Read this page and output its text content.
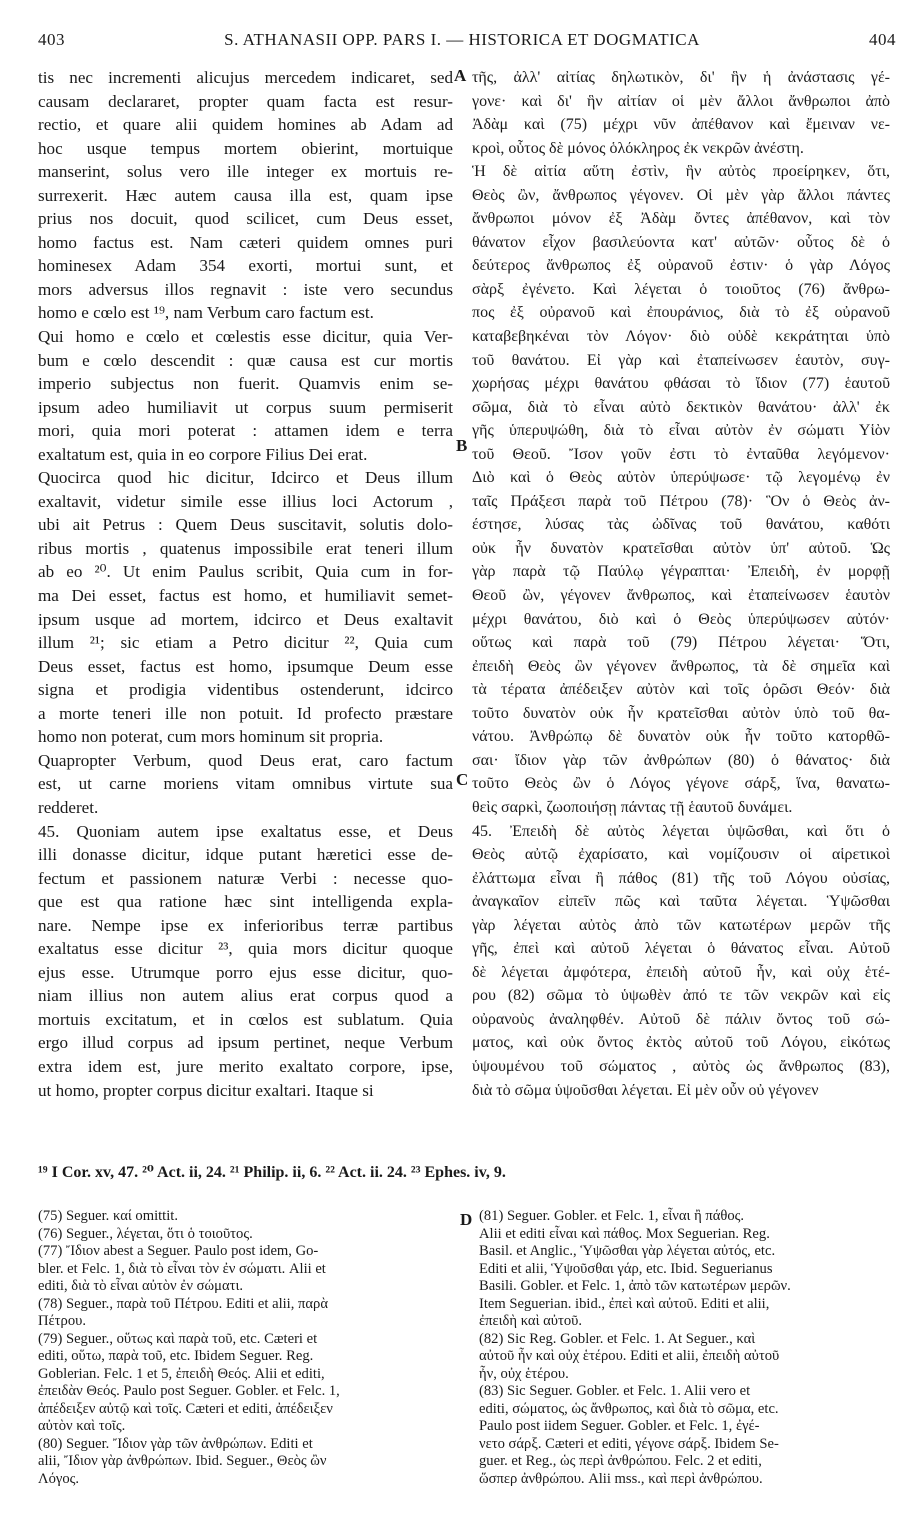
403	S. ATHANASII OPP. PARS I. — HISTORICA ET DOGMATICA	404
tis nec incrementi alicujus mercedem indicaret, sed
causam declararet, propter quam facta est resur-
rectio, et quare alii quidem homines ab Adam ad
hoc usque tempus mortem obierint, mortuique
manserint, solus vero ille integer ex mortuis re-
surrexerit. Hæc autem causa illa est, quam ipse
prius nos docuit, quod scilicet, cum Deus esset,
homo factus est. Nam cæteri quidem omnes puri
hominesex Adam 354 exorti, mortui sunt, et
mors adversus illos regnavit : iste vero secundus
homo e cœlo est ¹⁹, nam Verbum caro factum est.
Qui homo e cœlo et cœlestis esse dicitur, quia Ver-
bum e cœlo descendit : quæ causa est cur mortis
imperio subjectus non fuerit. Quamvis enim se-
ipsum adeo humiliavit ut corpus suum permiserit
mori, quia mori poterat : attamen idem e terra
exaltatum est, quia in eo corpore Filius Dei erat.
Quocirca quod hic dicitur, Idcirco et Deus illum
exaltavit, videtur simile esse illius loci Actorum ,
ubi ait Petrus : Quem Deus suscitavit, solutis dolo-
ribus mortis , quatenus impossibile erat teneri illum
ab eo ²⁰. Ut enim Paulus scribit, Quia cum in for-
ma Dei esset, factus est homo, et humiliavit semet-
ipsum usque ad mortem, idcirco et Deus exaltavit
illum ²¹; sic etiam a Petro dicitur ²², Quia cum
Deus esset, factus est homo, ipsumque Deum esse
signa et prodigia videntibus ostenderunt, idcirco
a morte teneri ille non potuit. Id profecto præstare
homo non poterat, cum mors hominum sit propria.
Quapropter Verbum, quod Deus erat, caro factum
est, ut carne moriens vitam omnibus virtute sua
redderet.
45. Quoniam autem ipse exaltatus esse, et Deus
illi donasse dicitur, idque putant hæretici esse de-
fectum et passionem naturæ Verbi : necesse quo-
que est qua ratione hæc sint intelligenda expla-
nare. Nempe ipse ex inferioribus terræ partibus
exaltatus esse dicitur ²³, quia mors dicitur quoque
ejus esse. Utrumque porro ejus esse dicitur, quo-
niam illius non autem alius erat corpus quod a
mortuis excitatum, et in cœlos est sublatum. Quia
ergo illud corpus ad ipsum pertinet, neque Verbum
extra idem est, jure merito exaltato corpore, ipse,
ut homo, propter corpus dicitur exaltari. Itaque si
τῆς, ἀλλ' αἰτίας δηλωτικὸν, δι' ἣν ἡ ἀνάστασις γέ-
γονε· καὶ δι' ἣν αἰτίαν οἱ μὲν ἄλλοι ἄνθρωποι ἀπὸ
Ἀδὰμ καὶ (75) μέχρι νῦν ἀπέθανον καὶ ἔμειναν νε-
κροὶ, οὗτος δὲ μόνος ὁλόκληρος ἐκ νεκρῶν ἀνέστη.
Ἡ δὲ αἰτία αὕτη ἐστὶν, ἣν αὐτὸς προείρηκεν, ὅτι,
Θεὸς ὢν, ἄνθρωπος γέγονεν. Οἱ μὲν γὰρ ἄλλοι πάντες
ἄνθρωποι μόνον ἐξ Ἀδὰμ ὄντες ἀπέθανον, καὶ τὸν
θάνατον εἶχον βασιλεύοντα κατ' αὐτῶν· οὗτος δὲ ὁ
δεύτερος ἄνθρωπος ἐξ οὐρανοῦ ἐστιν· ὁ γὰρ Λόγος
σὰρξ ἐγένετο. Καὶ λέγεται ὁ τοιοῦτος (76) ἄνθρω-
πος ἐξ οὐρανοῦ καὶ ἐπουράνιος, διὰ τὸ ἐξ οὐρανοῦ
καταβεβηκέναι τὸν Λόγον· διὸ οὐδὲ κεκράτηται ὑπὸ
τοῦ θανάτου. Εἰ γὰρ καὶ ἐταπείνωσεν ἑαυτὸν, συγ-
χωρήσας μέχρι θανάτου φθάσαι τὸ ἴδιον (77) ἑαυτοῦ
σῶμα, διὰ τὸ εἶναι αὐτὸ δεκτικὸν θανάτου· ἀλλ' ἐκ
γῆς ὑπερυψώθη, διὰ τὸ εἶναι αὐτὸν ἐν σώματι Υἱὸν
τοῦ Θεοῦ. Ἴσον γοῦν ἐστι τὸ ἐνταῦθα λεγόμενον·
Διὸ καὶ ὁ Θεὸς αὐτὸν ὑπερύψωσε· τῷ λεγομένῳ ἐν
ταῖς Πράξεσι παρὰ τοῦ Πέτρου (78)· Ὃν ὁ Θεὸς ἀν-
έστησε, λύσας τὰς ὠδῖνας τοῦ θανάτου, καθότι
οὐκ ἦν δυνατὸν κρατεῖσθαι αὐτὸν ὑπ' αὐτοῦ. Ὡς
γὰρ παρὰ τῷ Παύλῳ γέγραπται· Ἐπειδὴ, ἐν μορφῇ
Θεοῦ ὢν, γέγονεν ἄνθρωπος, καὶ ἐταπείνωσεν ἑαυτὸν
μέχρι θανάτου, διὸ καὶ ὁ Θεὸς ὑπερύψωσεν αὐτόν·
οὕτως καὶ παρὰ τοῦ (79) Πέτρου λέγεται· Ὅτι,
ἐπειδὴ Θεὸς ὢν γέγονεν ἄνθρωπος, τὰ δὲ σημεῖα καὶ
τὰ τέρατα ἀπέδειξεν αὐτὸν καὶ τοῖς ὁρῶσι Θεόν· διὰ
τοῦτο δυνατὸν οὐκ ἦν κρατεῖσθαι αὐτὸν ὑπὸ τοῦ θα-
νάτου. Ἀνθρώπῳ δὲ δυνατὸν οὐκ ἦν τοῦτο κατορθῶ-
σαι· ἴδιον γὰρ τῶν ἀνθρώπων (80) ὁ θάνατος· διὰ
τοῦτο Θεὸς ὢν ὁ Λόγος γέγονε σάρξ, ἵνα, θανατω-
θεὶς σαρκὶ, ζωοποιήσῃ πάντας τῇ ἑαυτοῦ δυνάμει.
45. Ἐπειδὴ δὲ αὐτὸς λέγεται ὑψῶσθαι, καὶ ὅτι ὁ
Θεὸς αὐτῷ ἐχαρίσατο, καὶ νομίζουσιν οἱ αἱρετικοὶ
ἐλάττωμα εἶναι ἢ πάθος (81) τῆς τοῦ Λόγου οὐσίας,
ἀναγκαῖον εἰπεῖν πῶς καὶ ταῦτα λέγεται. Ὑψῶσθαι
γὰρ λέγεται αὐτὸς ἀπὸ τῶν κατωτέρων μερῶν τῆς
γῆς, ἐπεὶ καὶ αὐτοῦ λέγεται ὁ θάνατος εἶναι. Αὐτοῦ
δὲ λέγεται ἀμφότερα, ἐπειδὴ αὐτοῦ ἦν, καὶ οὐχ ἑτέ-
ρου (82) σῶμα τὸ ὑψωθὲν ἀπό τε τῶν νεκρῶν καὶ εἰς
οὐρανοὺς ἀναληφθέν. Αὐτοῦ δὲ πάλιν ὄντος τοῦ σώ-
ματος, καὶ οὐκ ὄντος ἐκτὸς αὐτοῦ τοῦ Λόγου, εἰκότως
ὑψουμένου τοῦ σώματος , αὐτὸς ὡς ἄνθρωπος (83),
διὰ τὸ σῶμα ὑψοῦσθαι λέγεται. Εἰ μὲν οὖν οὐ γέγονεν
A
B
C
D
¹⁹ I Cor. xv, 47. ²⁰ Act. ii, 24. ²¹ Philip. ii, 6. ²² Act. ii. 24. ²³ Ephes. iv, 9.
(75) Seguer. καί omittit.
(76) Seguer., λέγεται, ὅτι ὁ τοιοῦτος.
(77) Ἴδιον abest a Seguer. Paulo post idem, Go-
bler. et Felc. 1, διὰ τὸ εἶναι τὸν ἐν σώματι. Alii et
editi, διὰ τὸ εἶναι αὐτὸν ἐν σώματι.
(78) Seguer., παρὰ τοῦ Πέτρου. Editi et alii, παρὰ
Πέτρου.
(79) Seguer., οὕτως καὶ παρὰ τοῦ, etc. Cæteri et
editi, οὕτω, παρὰ τοῦ, etc. Ibidem Seguer. Reg.
Goblerian. Felc. 1 et 5, ἐπειδὴ Θεός. Alii et editi,
ἐπειδὰν Θεός. Paulo post Seguer. Gobler. et Felc. 1,
ἀπέδειξεν αὐτῷ καὶ τοῖς. Cæteri et editi, ἀπέδειξεν
αὐτὸν καὶ τοῖς.
(80) Seguer. Ἴδιον γὰρ τῶν ἀνθρώπων. Editi et
alii, Ἴδιον γὰρ ἀνθρώπων. Ibid. Seguer., Θεὸς ὢν
Λόγος.
(81) Seguer. Gobler. et Felc. 1, εἶναι ἢ πάθος.
Alii et editi εἶναι καὶ πάθος. Mox Seguerian. Reg.
Basil. et Anglic., Ὑψῶσθαι γὰρ λέγεται αὐτός, etc.
Editi et alii, Ὑψοῦσθαι γάρ, etc. Ibid. Seguerianus
Basili. Gobler. et Felc. 1, ἀπὸ τῶν κατωτέρων μερῶν.
Item Seguerian. ibid., ἐπεὶ καὶ αὐτοῦ. Editi et alii,
ἐπειδὴ καὶ αὐτοῦ.
(82) Sic Reg. Gobler. et Felc. 1. At Seguer., καὶ
αὐτοῦ ἦν καὶ οὐχ ἑτέρου. Editi et alii, ἐπειδὴ αὐτοῦ
ἦν, οὐχ ἑτέρου.
(83) Sic Seguer. Gobler. et Felc. 1. Alii vero et
editi, σώματος, ὡς ἄνθρωπος, καὶ διὰ τὸ σῶμα, etc.
Paulo post iidem Seguer. Gobler. et Felc. 1, ἐγέ-
νετο σάρξ. Cæteri et editi, γέγονε σάρξ. Ibidem Se-
guer. et Reg., ὡς περὶ ἀνθρώπου. Felc. 2 et editi,
ὥσπερ ἀνθρώπου. Alii mss., καὶ περὶ ἀνθρώπου.
